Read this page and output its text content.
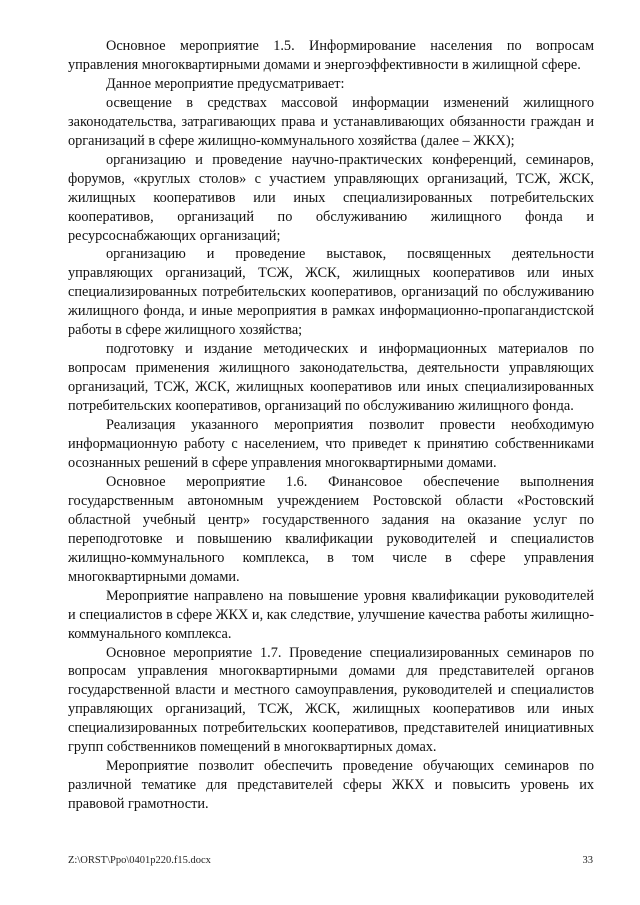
Основное мероприятие 1.5. Информирование населения по вопросам управления многоквартирными домами и энергоэффективности в жилищной сфере.

Данное мероприятие предусматривает:

освещение в средствах массовой информации изменений жилищного законодательства, затрагивающих права и устанавливающих обязанности граждан и организаций в сфере жилищно-коммунального хозяйства (далее – ЖКХ);

организацию и проведение научно-практических конференций, семинаров, форумов, «круглых столов» с участием управляющих организаций, ТСЖ, ЖСК, жилищных кооперативов или иных специализированных потребительских кооперативов, организаций по обслуживанию жилищного фонда и ресурсоснабжающих организаций;

организацию и проведение выставок, посвященных деятельности управляющих организаций, ТСЖ, ЖСК, жилищных кооперативов или иных специализированных потребительских кооперативов, организаций по обслуживанию жилищного фонда, и иные мероприятия в рамках информационно-пропагандистской работы в сфере жилищного хозяйства;

подготовку и издание методических и информационных материалов по вопросам применения жилищного законодательства, деятельности управляющих организаций, ТСЖ, ЖСК, жилищных кооперативов или иных специализированных потребительских кооперативов, организаций по обслуживанию жилищного фонда.

Реализация указанного мероприятия позволит провести необходимую информационную работу с населением, что приведет к принятию собственниками осознанных решений в сфере управления многоквартирными домами.

Основное мероприятие 1.6. Финансовое обеспечение выполнения государственным автономным учреждением Ростовской области «Ростовский областной учебный центр» государственного задания на оказание услуг по переподготовке и повышению квалификации руководителей и специалистов жилищно-коммунального комплекса, в том числе в сфере управления многоквартирными домами.

Мероприятие направлено на повышение уровня квалификации руководителей и специалистов в сфере ЖКХ и, как следствие, улучшение качества работы жилищно-коммунального комплекса.

Основное мероприятие 1.7. Проведение специализированных семинаров по вопросам управления многоквартирными домами для представителей органов государственной власти и местного самоуправления, руководителей и специалистов управляющих организаций, ТСЖ, ЖСК, жилищных кооперативов или иных специализированных потребительских кооперативов, представителей инициативных групп собственников помещений в многоквартирных домах.

Мероприятие позволит обеспечить проведение обучающих семинаров по различной тематике для представителей сферы ЖКХ и повысить уровень их правовой грамотности.

Z:\ORST\Ppo\0401p220.f15.docx	33
